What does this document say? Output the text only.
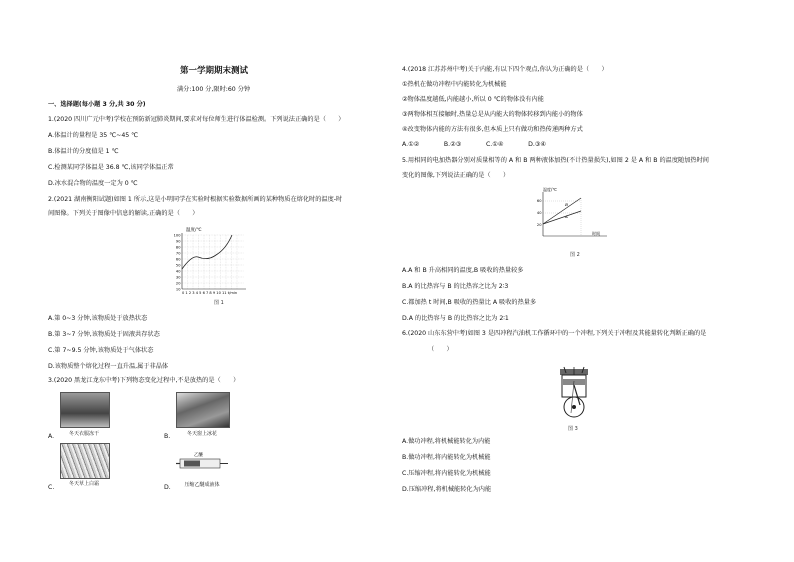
第一学期期末测试
满分:100 分,限时:60 分钟
一、选择题(每小题 3 分,共 30 分)
1.(2020 四川广元中考)学校在预防新冠肺炎期间,要求对每位师生进行体温检测。下列说法正确的是（　　）
A.体温计的量程是 35 ℃~45 ℃
B.体温计的分度值是 1 ℃
C.检测某同学体温是 36.8 ℃,该同学体温正常
D.冰水混合物的温度一定为 0 ℃
2.(2021 湖南衡阳试题)如图 1 所示,这是小明同学在实验时根据实验数据所画的某种物质在熔化时的温度-时
间图像。下列关于图像中信息的解读,正确的是（　　）
温度/℃
100
90
80
70
60
50
40
30
20
10
0 1 2 3 4 5 6 7 8 9 10 11 t/min
图 1
A.第 0~3 分钟,该物质处于放热状态
B.第 3~7 分钟,该物质处于固液共存状态
C.第 7~9.5 分钟,该物质处于气体状态
D.该物质整个熔化过程一直升温,属于非晶体
3.(2020 黑龙江龙东中考)下列物态变化过程中,不是放热的是（　　）
A.	冬天衣服冻干	B.	冬天窗上冰花
C.	冬天草上白霜	D.
乙醚
压缩乙醚成液体
4.(2018 江苏苏州中考)关于内能,有以下四个观点,你认为正确的是（　　）
①热机在做功冲程中内能转化为机械能
②物体温度越低,内能越小,所以 0 ℃的物体没有内能
③两物体相互接触时,热量总是从内能大的物体转移到内能小的物体
④改变物体内能的方法有很多,但本质上只有做功和热传递两种方式
A.①②　　　　B.②③　　　　C.①④　　　　D.③④
5.用相同的电加热器分别对质量相等的 A 和 B 两种液体加热(不计热量损失),如图 2 是 A 和 B 的温度随加热时间
变化的图像,下列说法正确的是（　　）
温度/℃
B
A
60
40
20
时间
图 2
A.A 和 B 升高相同的温度,B 吸收的热量较多
B.A 的比热容与 B 的比热容之比为 2∶3
C.都加热 t 时间,B 吸收的热量比 A 吸收的热量多
D.A 的比热容与 B 的比热容之比为 2∶1
6.(2020 山东东营中考)如图 3 是四冲程汽油机工作循环中的一个冲程,下列关于冲程及其能量转化判断正确的是
（　　）
图 3
A.做功冲程,将机械能转化为内能
B.做功冲程,将内能转化为机械能
C.压缩冲程,将内能转化为机械能
D.压缩冲程,将机械能转化为内能
